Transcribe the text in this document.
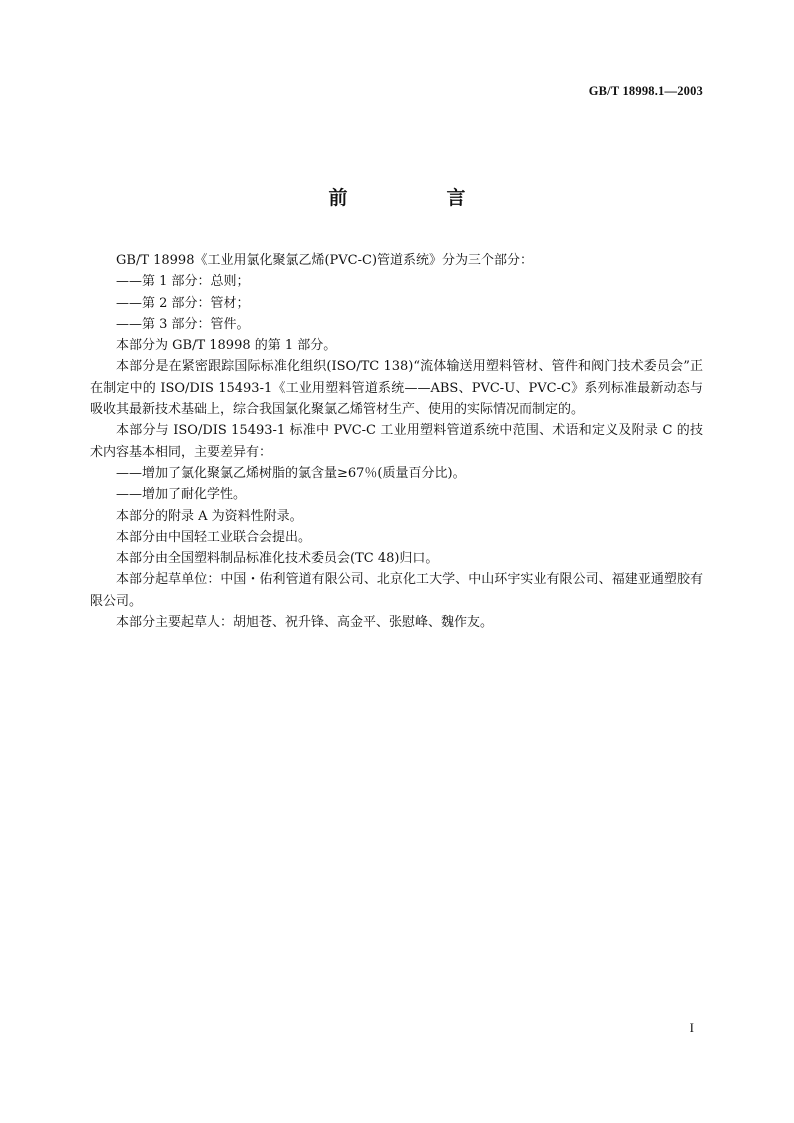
GB/T 18998.1—2003
前　言

GB/T 18998《工业用氯化聚氯乙烯(PVC-C)管道系统》分为三个部分：

——第 1 部分：总则；

——第 2 部分：管材；

——第 3 部分：管件。

本部分为 GB/T 18998 的第 1 部分。

本部分是在紧密跟踪国际标准化组织(ISO/TC 138)“流体输送用塑料管材、管件和阀门技术委员会”正在制定中的 ISO/DIS 15493-1《工业用塑料管道系统——ABS、PVC-U、PVC-C》系列标准最新动态与吸收其最新技术基础上，综合我国氯化聚氯乙烯管材生产、使用的实际情况而制定的。

本部分与 ISO/DIS 15493-1 标准中 PVC-C 工业用塑料管道系统中范围、术语和定义及附录 C 的技术内容基本相同，主要差异有：

——增加了氯化聚氯乙烯树脂的氯含量≥67％(质量百分比)。

——增加了耐化学性。

本部分的附录 A 为资料性附录。

本部分由中国轻工业联合会提出。

本部分由全国塑料制品标准化技术委员会(TC 48)归口。

本部分起草单位：中国・佑利管道有限公司、北京化工大学、中山环宇实业有限公司、福建亚通塑胶有限公司。

本部分主要起草人：胡旭苍、祝升锋、高金平、张慰峰、魏作友。

I
